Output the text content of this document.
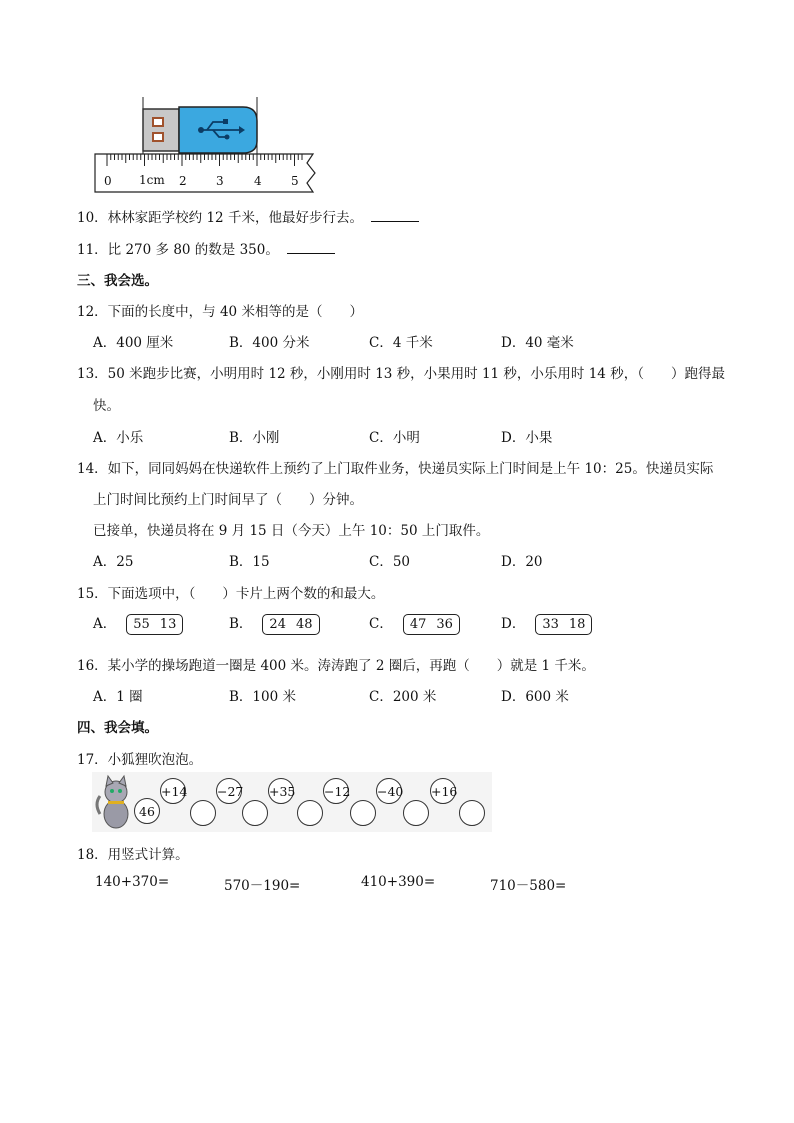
0 1cm 2 3	4 5
10．林林家距学校约 12 千米，他最好步行去。
11．比 270 多 80 的数是 350。
三、我会选。
12．下面的长度中，与 40 米相等的是（　　）
A．400 厘米	B．400 分米	C．4 千米	D．40 毫米
13．50 米跑步比赛，小明用时 12 秒，小刚用时 13 秒，小果用时 11 秒，小乐用时 14 秒，（　　）跑得最
快。
A．小乐	B．小刚	C．小明	D．小果
14．如下，同同妈妈在快递软件上预约了上门取件业务，快递员实际上门时间是上午 10：25。快递员实际
上门时间比预约上门时间早了（　　）分钟。
已接单，快递员将在 9 月 15 日（今天）上午 10：50 上门取件。
A．25	B．15	C．50	D．20
15．下面选项中，（　　）卡片上两个数的和最大。
A． 55 13	B． 24 48	C． 47 36	D． 33 18
16．某小学的操场跑道一圈是 400 米。涛涛跑了 2 圈后，再跑（　　）就是 1 千米。
A．1 圈	B．100 米	C．200 米	D．600 米
四、我会填。
17．小狐狸吹泡泡。
46
+14 −27 +35 −12 −40 +16
18．用竖式计算。
140+370=	570－190=	410+390=	710－580=
